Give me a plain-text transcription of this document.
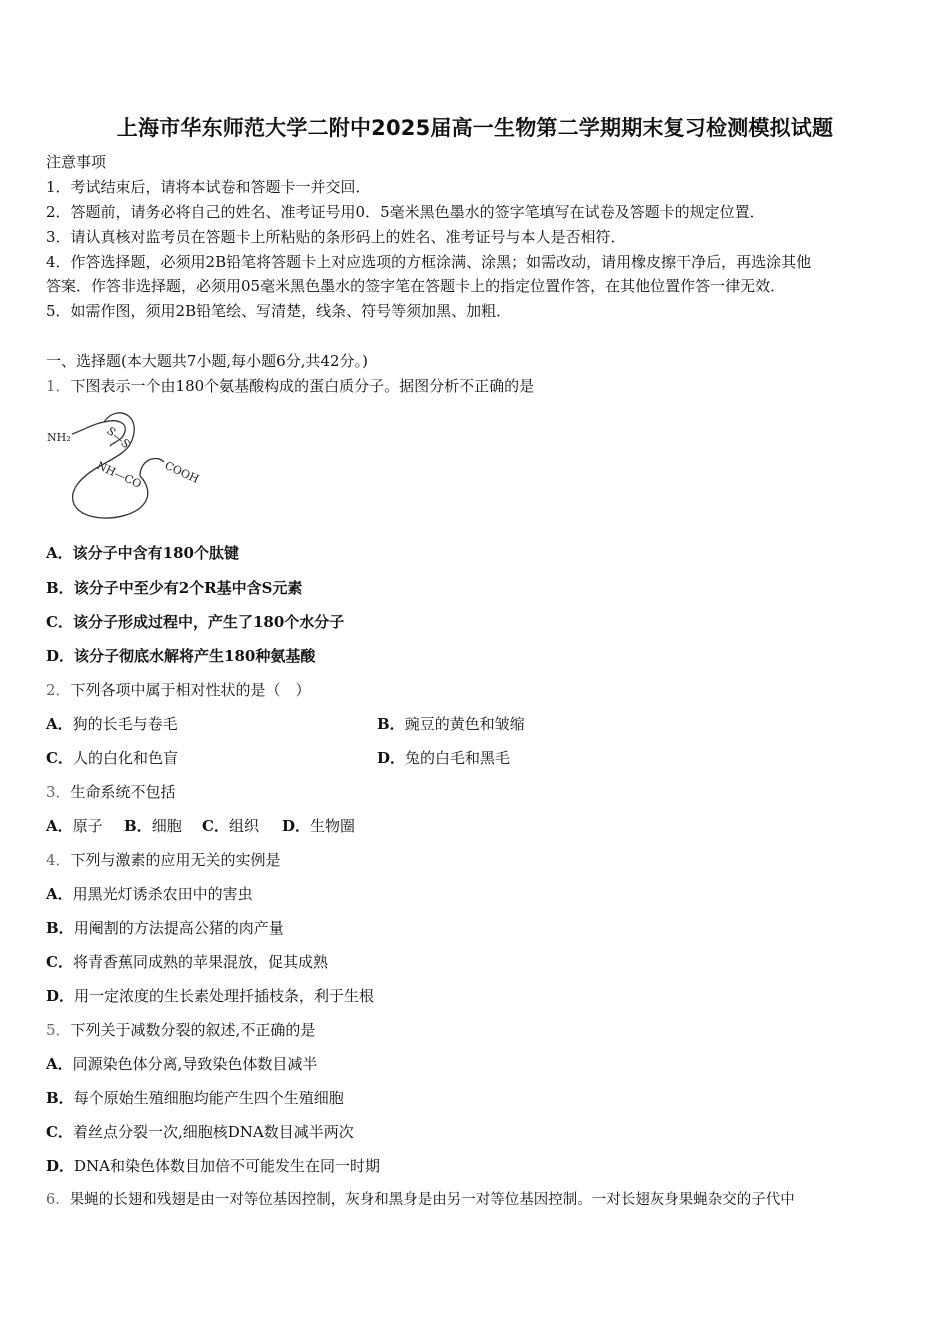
上海市华东师范大学二附中2025届高一生物第二学期期末复习检测模拟试题
注意事项
1．考试结束后，请将本试卷和答题卡一并交回．
2．答题前，请务必将自己的姓名、准考证号用0．5毫米黑色墨水的签字笔填写在试卷及答题卡的规定位置．
3．请认真核对监考员在答题卡上所粘贴的条形码上的姓名、准考证号与本人是否相符．
4．作答选择题，必须用2B铅笔将答题卡上对应选项的方框涂满、涂黑；如需改动，请用橡皮擦干净后，再选涂其他
答案．作答非选择题，必须用05毫米黑色墨水的签字笔在答题卡上的指定位置作答，在其他位置作答一律无效．
5．如需作图，须用2B铅笔绘、写清楚，线条、符号等须加黑、加粗．
一、选择题(本大题共7小题,每小题6分,共42分。)
1．下图表示一个由180个氨基酸构成的蛋白质分子。据图分析不正确的是
NH₂	S—S
NH—CO COOH
A．该分子中含有180个肽键
B．该分子中至少有2个R基中含S元素
C．该分子形成过程中，产生了180个水分子
D．该分子彻底水解将产生180种氨基酸
2．下列各项中属于相对性状的是（　）
A．狗的长毛与卷毛	B．豌豆的黄色和皱缩
C．人的白化和色盲	D．兔的白毛和黑毛
3．生命系统不包括
A．原子 B．细胞 C．组织 D．生物圈
4．下列与激素的应用无关的实例是
A．用黑光灯诱杀农田中的害虫
B．用阉割的方法提高公猪的肉产量
C．将青香蕉同成熟的苹果混放，促其成熟
D．用一定浓度的生长素处理扦插枝条，利于生根
5．下列关于减数分裂的叙述,不正确的是
A．同源染色体分离,导致染色体数目减半
B．每个原始生殖细胞均能产生四个生殖细胞
C．着丝点分裂一次,细胞核DNA数目减半两次
D．DNA和染色体数目加倍不可能发生在同一时期
6．果蝇的长翅和残翅是由一对等位基因控制，灰身和黑身是由另一对等位基因控制。一对长翅灰身果蝇杂交的子代中
